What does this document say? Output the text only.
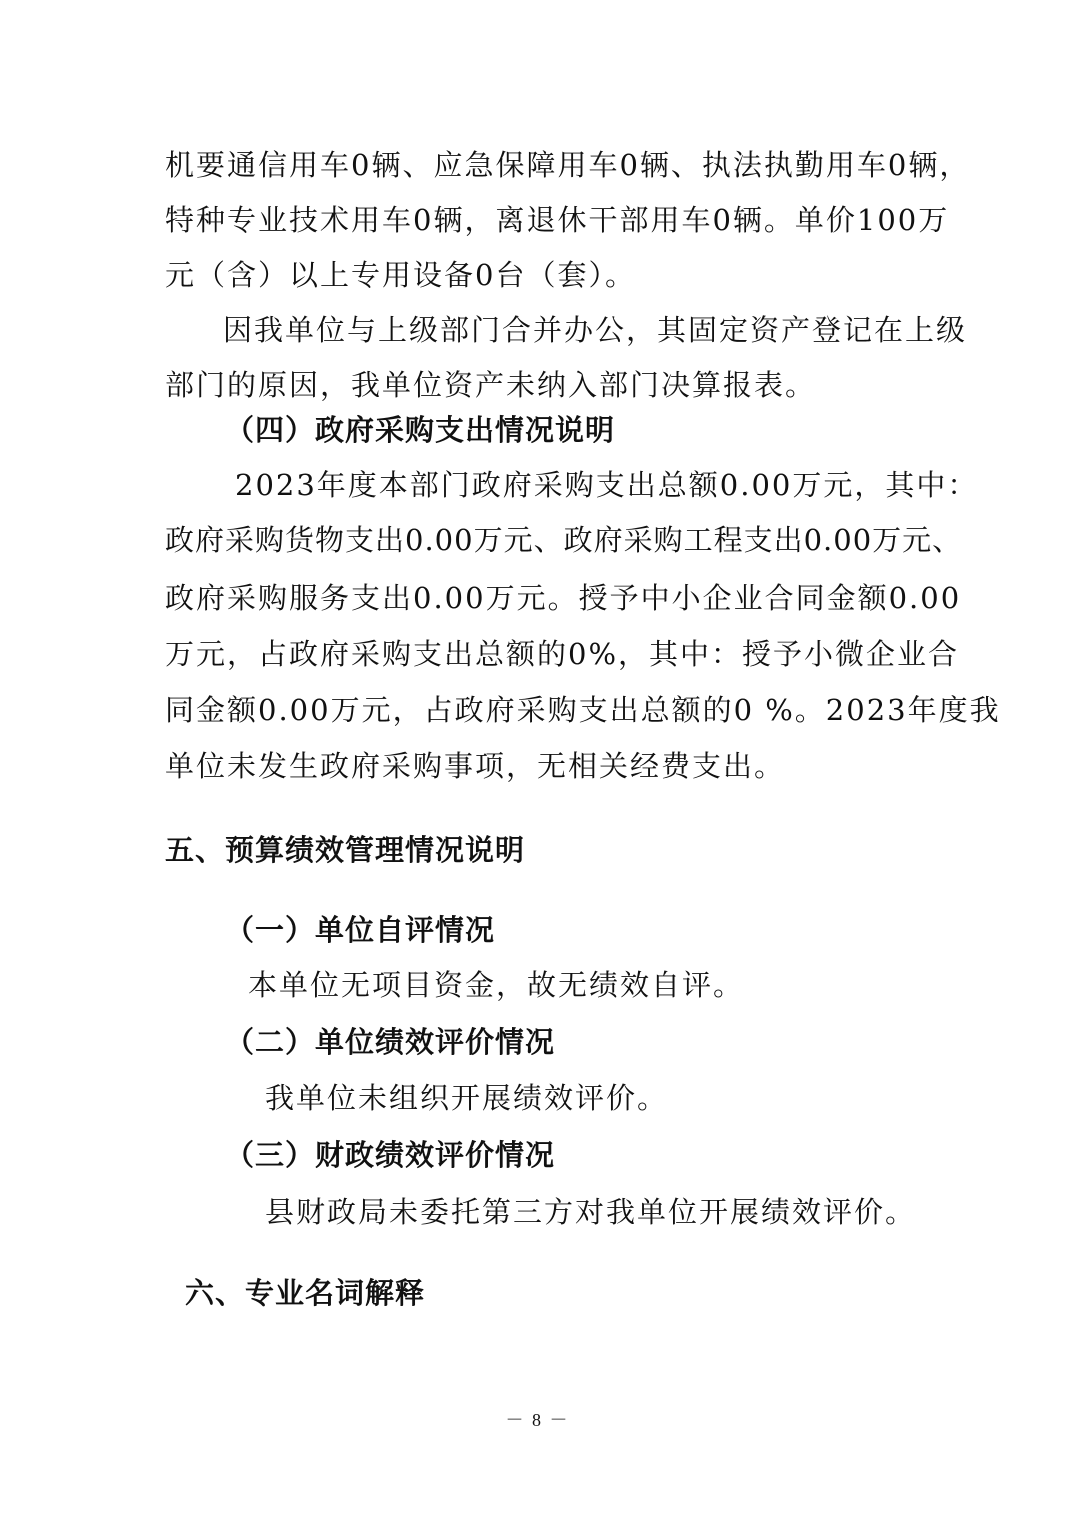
机要通信用车0辆、应急保障用车0辆、执法执勤用车0辆，
特种专业技术用车0辆，离退休干部用车0辆。单价100万
元（含）以上专用设备0台（套）。
因我单位与上级部门合并办公，其固定资产登记在上级
部门的原因，我单位资产未纳入部门决算报表。
（四）政府采购支出情况说明
2023年度本部门政府采购支出总额0.00万元，其中：
政府采购货物支出0.00万元、政府采购工程支出0.00万元、
政府采购服务支出0.00万元。授予中小企业合同金额0.00
万元，占政府采购支出总额的0%，其中：授予小微企业合
同金额0.00万元，占政府采购支出总额的0 %。2023年度我
单位未发生政府采购事项，无相关经费支出。
五、预算绩效管理情况说明
（一）单位自评情况
本单位无项目资金，故无绩效自评。
（二）单位绩效评价情况
我单位未组织开展绩效评价。
（三）财政绩效评价情况
县财政局未委托第三方对我单位开展绩效评价。
六、专业名词解释
－ 8 －
